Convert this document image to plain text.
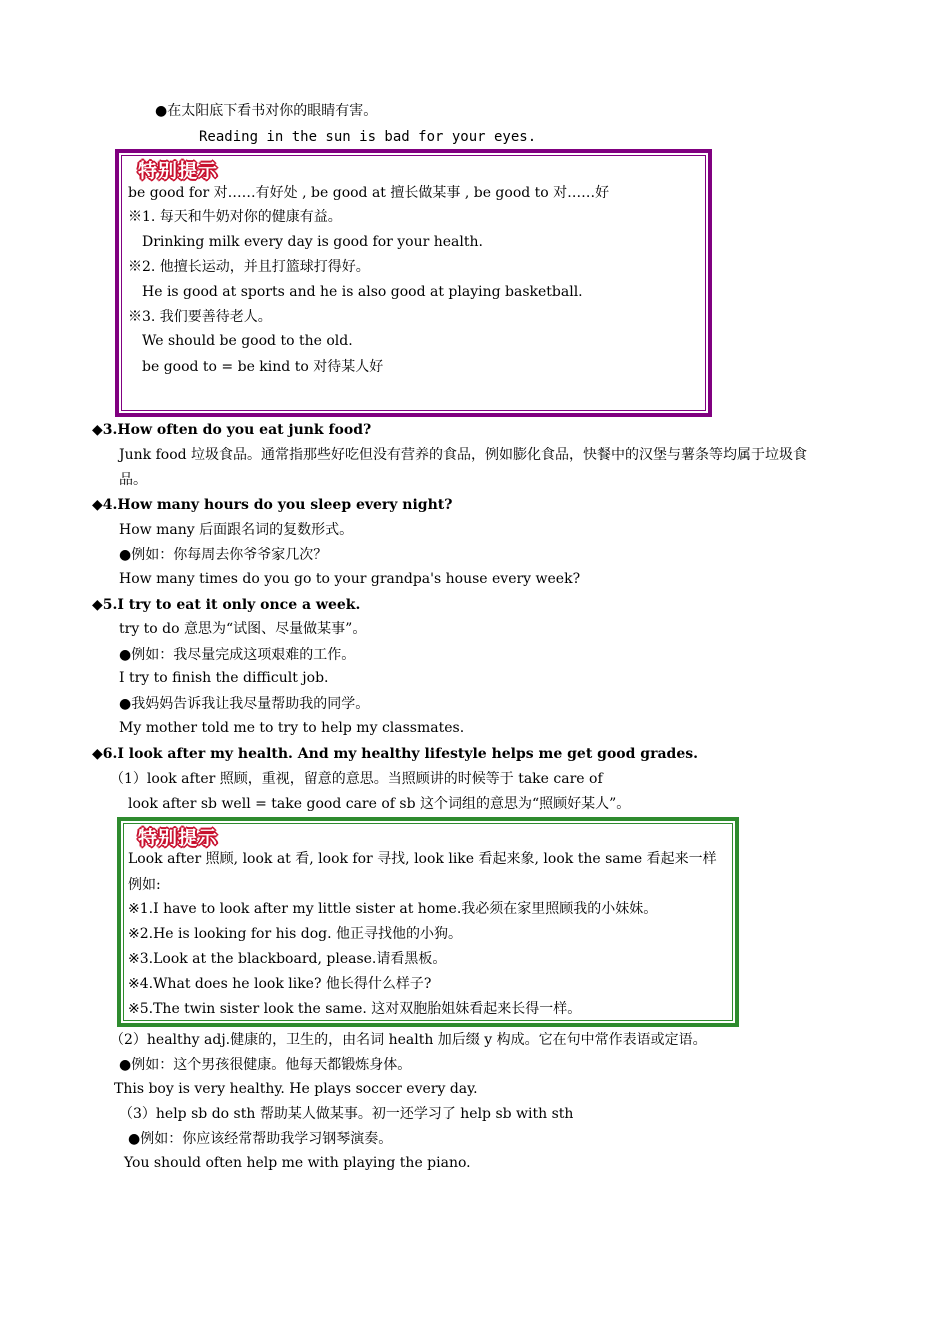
●在太阳底下看书对你的眼睛有害。
Reading in the sun is bad for your eyes.
特别提示
be good for 对……有好处 , be good at 擅长做某事 , be good to 对……好
※1. 每天和牛奶对你的健康有益。
Drinking milk every day is good for your health.
※2. 他擅长运动，并且打篮球打得好。
He is good at sports and he is also good at playing basketball.
※3. 我们要善待老人。
We should be good to the old.
be good to = be kind to 对待某人好
◆3.How often do you eat junk food?
Junk food 垃圾食品。通常指那些好吃但没有营养的食品，例如膨化食品，快餐中的汉堡与薯条等均属于垃圾食
品。
◆4.How many hours do you sleep every night?
How many 后面跟名词的复数形式。
●例如：你每周去你爷爷家几次？
How many times do you go to your grandpa's house every week?
◆5.I try to eat it only once a week.
try to do 意思为“试图、尽量做某事”。
●例如：我尽量完成这项艰难的工作。
I try to finish the difficult job.
●我妈妈告诉我让我尽量帮助我的同学。
My mother told me to try to help my classmates.
◆6.I look after my health. And my healthy lifestyle helps me get good grades.
（1）look after 照顾，重视，留意的意思。当照顾讲的时候等于 take care of
look after sb well = take good care of sb 这个词组的意思为“照顾好某人”。
特别提示
Look after 照顾, look at 看, look for 寻找, look like 看起来象, look the same 看起来一样
例如:
※1.I have to look after my little sister at home.我必须在家里照顾我的小妹妹。
※2.He is looking for his dog. 他正寻找他的小狗。
※3.Look at the blackboard, please.请看黑板。
※4.What does he look like? 他长得什么样子?
※5.The twin sister look the same. 这对双胞胎姐妹看起来长得一样。
（2）healthy adj.健康的，卫生的，由名词 health 加后缀 y 构成。它在句中常作表语或定语。
●例如：这个男孩很健康。他每天都锻炼身体。
This boy is very healthy. He plays soccer every day.
（3）help sb do sth 帮助某人做某事。初一还学习了 help sb with sth
●例如：你应该经常帮助我学习钢琴演奏。
You should often help me with playing the piano.
